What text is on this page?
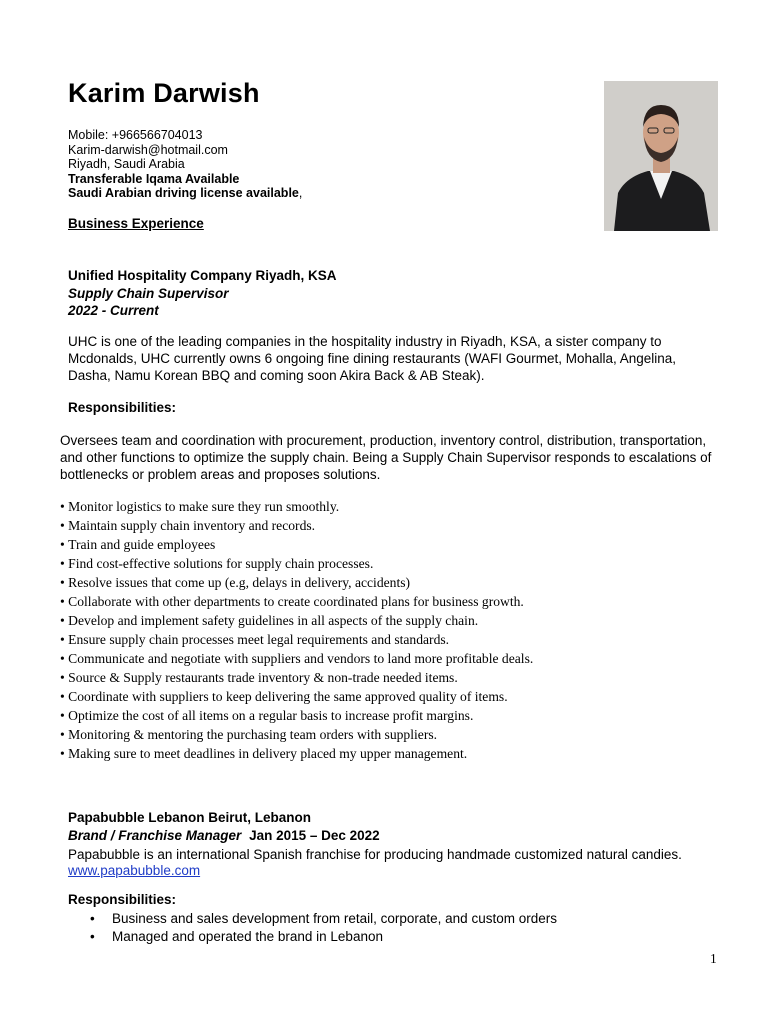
Karim Darwish
Mobile: +966566704013
Karim-darwish@hotmail.com
Riyadh, Saudi Arabia
Transferable Iqama Available
Saudi Arabian driving license available,
Business Experience
Unified Hospitality Company Riyadh, KSA
Supply Chain Supervisor
2022 - Current
UHC is one of the leading companies in the hospitality industry in Riyadh, KSA, a sister company to Mcdonalds, UHC currently owns 6 ongoing fine dining restaurants (WAFI Gourmet, Mohalla, Angelina, Dasha, Namu Korean BBQ and coming soon Akira Back & AB Steak).
Responsibilities:
Oversees team and coordination with procurement, production, inventory control, distribution, transportation, and other functions to optimize the supply chain. Being a Supply Chain Supervisor responds to escalations of bottlenecks or problem areas and proposes solutions.
• Monitor logistics to make sure they run smoothly.
• Maintain supply chain inventory and records.
• Train and guide employees
• Find cost-effective solutions for supply chain processes.
• Resolve issues that come up (e.g, delays in delivery, accidents)
• Collaborate with other departments to create coordinated plans for business growth.
• Develop and implement safety guidelines in all aspects of the supply chain.
• Ensure supply chain processes meet legal requirements and standards.
• Communicate and negotiate with suppliers and vendors to land more profitable deals.
• Source & Supply restaurants trade inventory & non-trade needed items.
• Coordinate with suppliers to keep delivering the same approved quality of items.
• Optimize the cost of all items on a regular basis to increase profit margins.
• Monitoring & mentoring the purchasing team orders with suppliers.
• Making sure to meet deadlines in delivery placed my upper management.
Papabubble Lebanon Beirut, Lebanon
Brand / Franchise Manager Jan 2015 – Dec 2022
Papabubble is an international Spanish franchise for producing handmade customized natural candies.
www.papabubble.com
Responsibilities:
• Business and sales development from retail, corporate, and custom orders
• Managed and operated the brand in Lebanon
1
